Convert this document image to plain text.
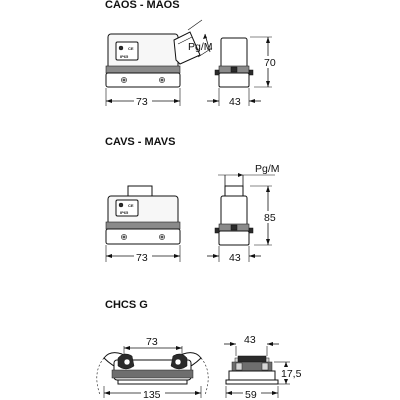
CAOS - MAOS
CE
IP65
73
Pg/M
43
70
CAVS - MAVS
CE
IP65
73
Pg/M
43
85
CHCS G
73
135
43
59
17,5
